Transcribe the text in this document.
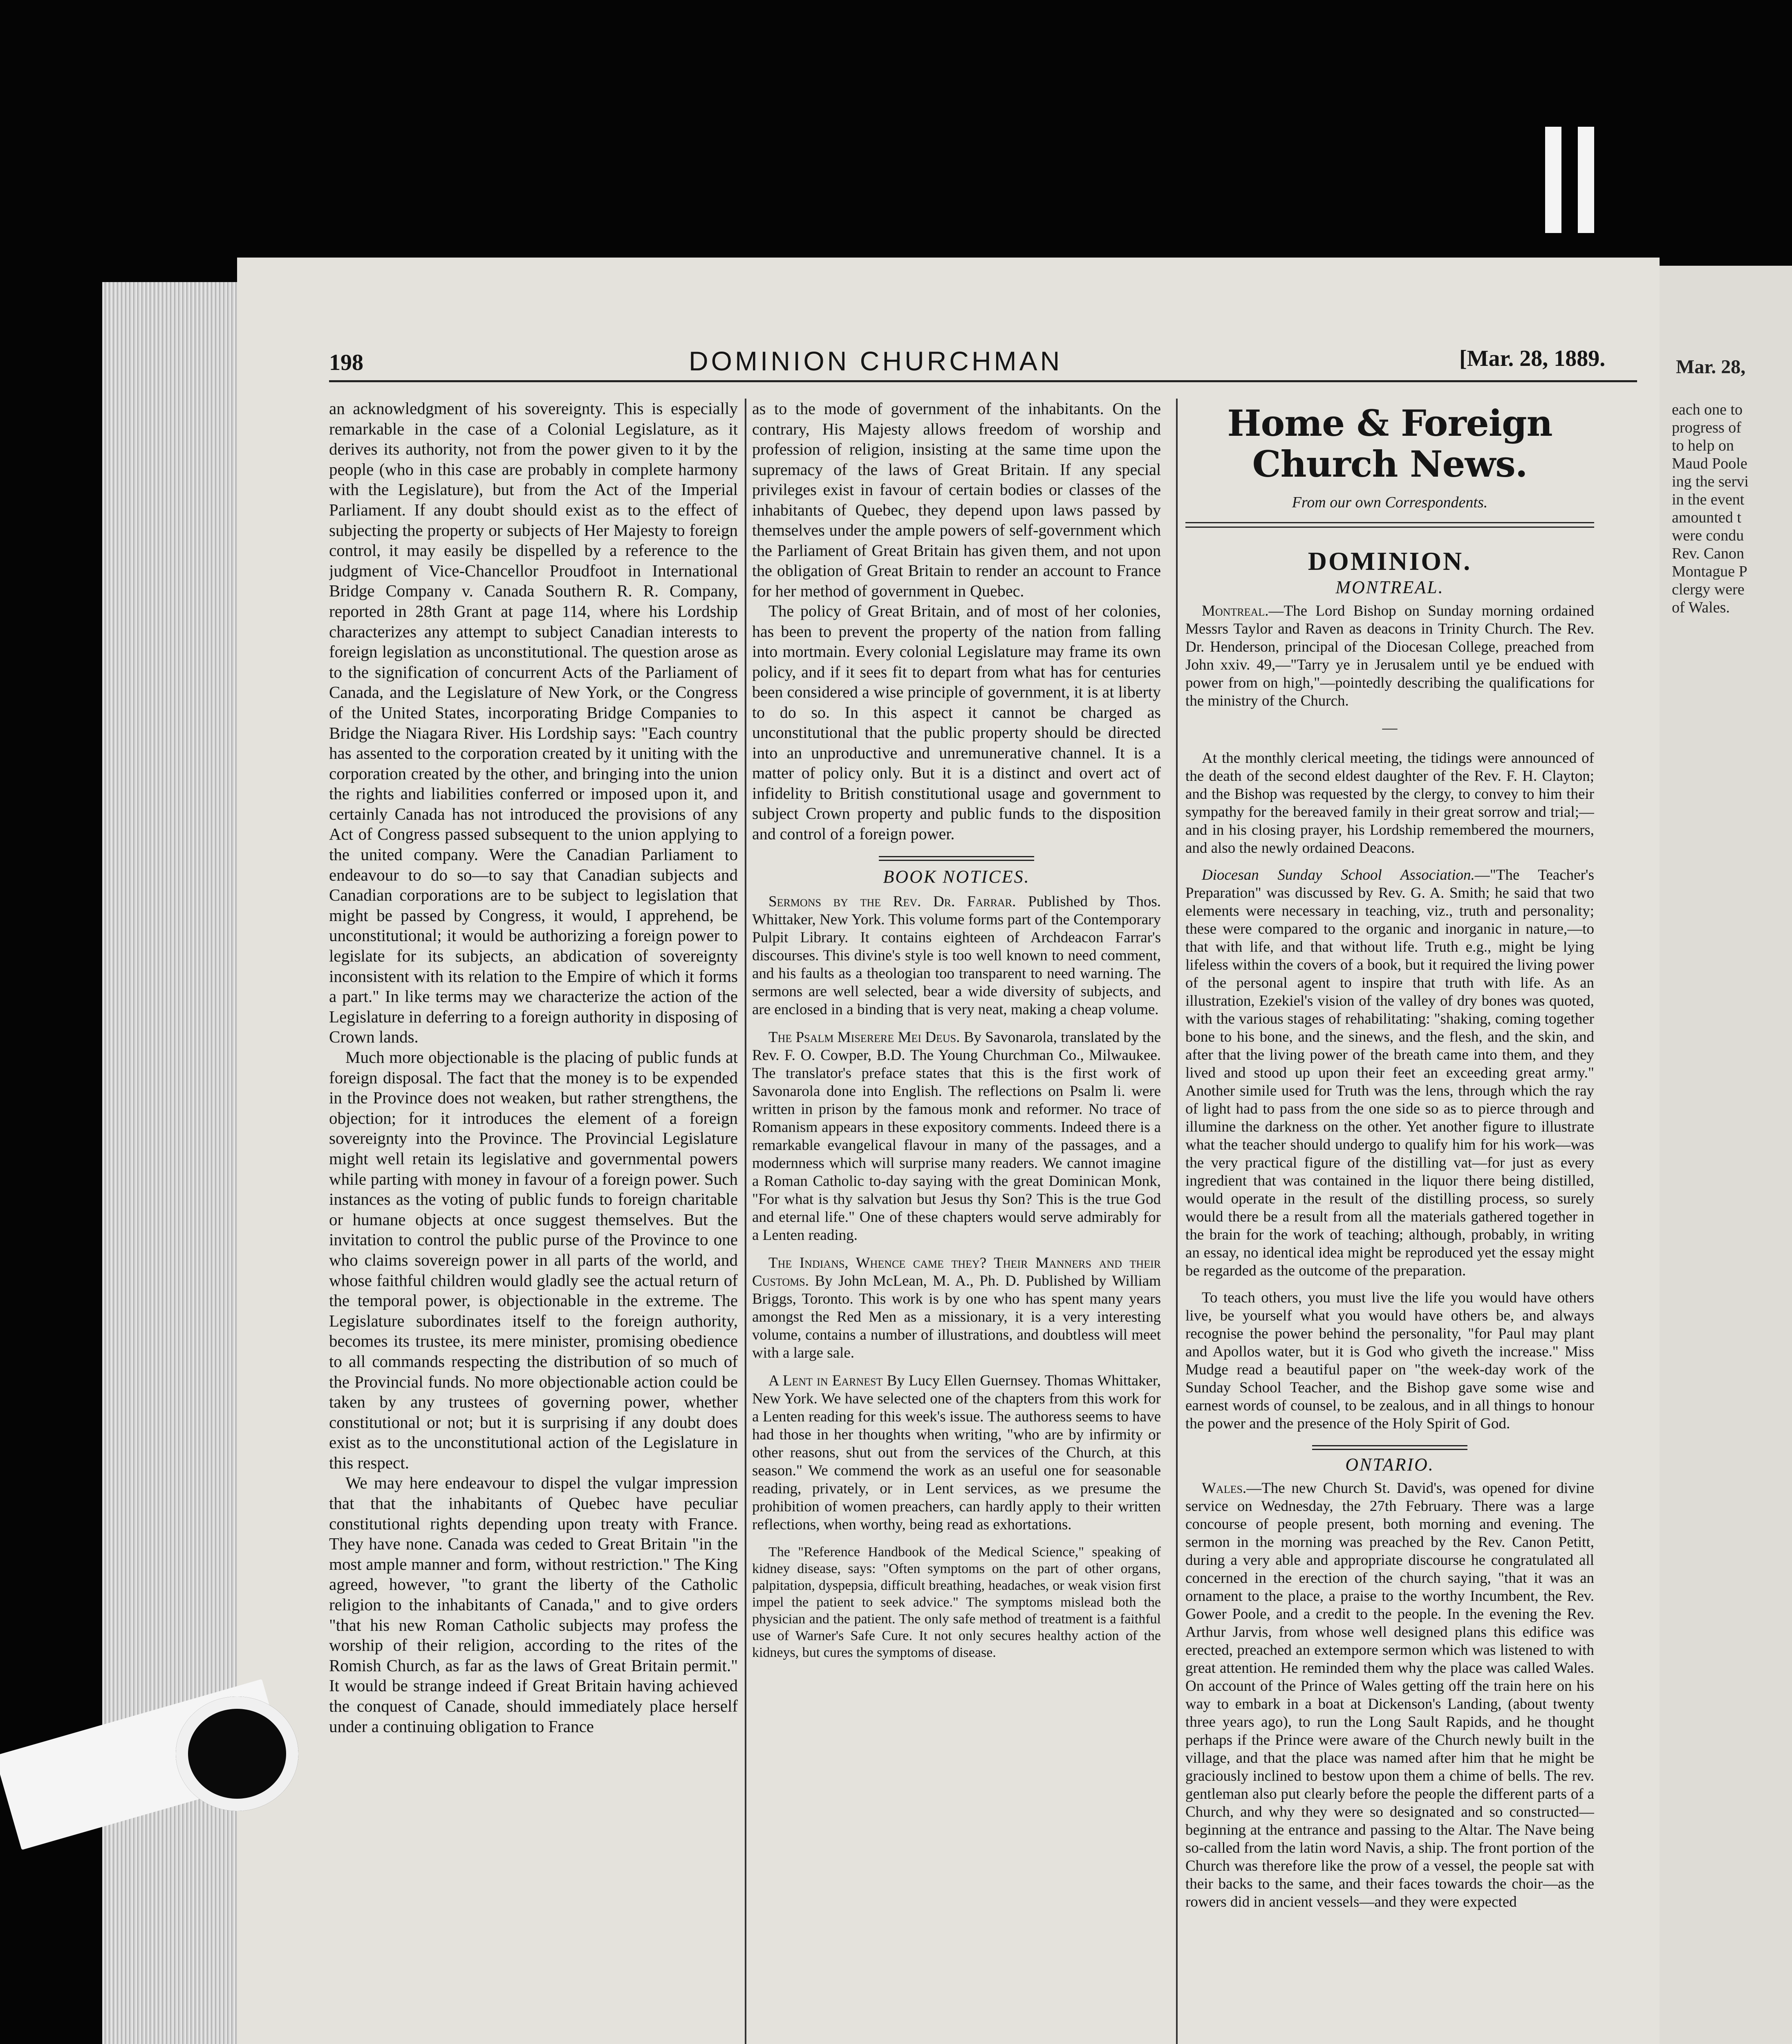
Mar. 28,
each one to
progress of
to help on
Maud Poole
ing the servi
in the event
amounted t
were condu
Rev. Canon
Montague P
clergy were
of Wales.
198	DOMINION CHURCHMAN	[Mar. 28, 1889.

an acknowledgment of his sovereignty. This is especially remarkable in the case of a Colonial Legislature, as it derives its authority, not from the power given to it by the people (who in this case are probably in complete harmony with the Legislature), but from the Act of the Imperial Parliament. If any doubt should exist as to the effect of subjecting the property or subjects of Her Majesty to foreign control, it may easily be dispelled by a reference to the judgment of Vice-Chancellor Proudfoot in International Bridge Company v. Canada Southern R. R. Company, reported in 28th Grant at page 114, where his Lordship characterizes any attempt to subject Canadian interests to foreign legislation as unconstitutional. The question arose as to the signification of concurrent Acts of the Parliament of Canada, and the Legislature of New York, or the Congress of the United States, incorporating Bridge Companies to Bridge the Niagara River. His Lordship says: "Each country has assented to the corporation created by it uniting with the corporation created by the other, and bringing into the union the rights and liabilities conferred or imposed upon it, and certainly Canada has not introduced the provisions of any Act of Congress passed subsequent to the union applying to the united company. Were the Canadian Parliament to endeavour to do so—to say that Canadian subjects and Canadian corporations are to be subject to legislation that might be passed by Congress, it would, I apprehend, be unconstitutional; it would be authorizing a foreign power to legislate for its subjects, an abdication of sovereignty inconsistent with its relation to the Empire of which it forms a part." In like terms may we characterize the action of the Legislature in deferring to a foreign authority in disposing of Crown lands.

Much more objectionable is the placing of public funds at foreign disposal. The fact that the money is to be expended in the Province does not weaken, but rather strengthens, the objection; for it introduces the element of a foreign sovereignty into the Province. The Provincial Legislature might well retain its legislative and governmental powers while parting with money in favour of a foreign power. Such instances as the voting of public funds to foreign charitable or humane objects at once suggest themselves. But the invitation to control the public purse of the Province to one who claims sovereign power in all parts of the world, and whose faithful children would gladly see the actual return of the temporal power, is objectionable in the extreme. The Legislature subordinates itself to the foreign authority, becomes its trustee, its mere minister, promising obedience to all commands respecting the distribution of so much of the Provincial funds. No more objectionable action could be taken by any trustees of governing power, whether constitutional or not; but it is surprising if any doubt does exist as to the unconstitutional action of the Legislature in this respect.

We may here endeavour to dispel the vulgar impression that that the inhabitants of Quebec have peculiar constitutional rights depending upon treaty with France. They have none. Canada was ceded to Great Britain "in the most ample manner and form, without restriction." The King agreed, however, "to grant the liberty of the Catholic religion to the inhabitants of Canada," and to give orders "that his new Roman Catholic subjects may profess the worship of their religion, according to the rites of the Romish Church, as far as the laws of Great Britain permit." It would be strange indeed if Great Britain having achieved the conquest of Canade, should immediately place herself under a continuing obligation to France

as to the mode of government of the inhabitants. On the contrary, His Majesty allows freedom of worship and profession of religion, insisting at the same time upon the supremacy of the laws of Great Britain. If any special privileges exist in favour of certain bodies or classes of the inhabitants of Quebec, they depend upon laws passed by themselves under the ample powers of self-government which the Parliament of Great Britain has given them, and not upon the obligation of Great Britain to render an account to France for her method of government in Quebec.

The policy of Great Britain, and of most of her colonies, has been to prevent the property of the nation from falling into mortmain. Every colonial Legislature may frame its own policy, and if it sees fit to depart from what has for centuries been considered a wise principle of government, it is at liberty to do so. In this aspect it cannot be charged as unconstitutional that the public property should be directed into an unproductive and unremunerative channel. It is a matter of policy only. But it is a distinct and overt act of infidelity to British constitutional usage and government to subject Crown property and public funds to the disposition and control of a foreign power.

BOOK NOTICES.

Sermons by the Rev. Dr. Farrar. Published by Thos. Whittaker, New York. This volume forms part of the Contemporary Pulpit Library. It contains eighteen of Archdeacon Farrar's discourses. This divine's style is too well known to need comment, and his faults as a theologian too transparent to need warning. The sermons are well selected, bear a wide diversity of subjects, and are enclosed in a binding that is very neat, making a cheap volume.

The Psalm Miserere Mei Deus. By Savonarola, translated by the Rev. F. O. Cowper, B.D. The Young Churchman Co., Milwaukee. The translator's preface states that this is the first work of Savonarola done into English. The reflections on Psalm li. were written in prison by the famous monk and reformer. No trace of Romanism appears in these expository comments. Indeed there is a remarkable evangelical flavour in many of the passages, and a modernness which will surprise many readers. We cannot imagine a Roman Catholic to-day saying with the great Dominican Monk, "For what is thy salvation but Jesus thy Son? This is the true God and eternal life." One of these chapters would serve admirably for a Lenten reading.

The Indians, Whence came they? Their Manners and their Customs. By John McLean, M. A., Ph. D. Published by William Briggs, Toronto. This work is by one who has spent many years amongst the Red Men as a missionary, it is a very interesting volume, contains a number of illustrations, and doubtless will meet with a large sale.

A Lent in Earnest By Lucy Ellen Guernsey. Thomas Whittaker, New York. We have selected one of the chapters from this work for a Lenten reading for this week's issue. The authoress seems to have had those in her thoughts when writing, "who are by infirmity or other reasons, shut out from the services of the Church, at this season." We commend the work as an useful one for seasonable reading, privately, or in Lent services, as we presume the prohibition of women preachers, can hardly apply to their written reflections, when worthy, being read as exhortations.

The "Reference Handbook of the Medical Science," speaking of kidney disease, says: "Often symptoms on the part of other organs, palpitation, dyspepsia, difficult breathing, headaches, or weak vision first impel the patient to seek advice." The symptoms mislead both the physician and the patient. The only safe method of treatment is a faithful use of Warner's Safe Cure. It not only secures healthy action of the kidneys, but cures the symptoms of disease.

Home & Foreign Church News.

From our own Correspondents.

DOMINION.

MONTREAL.

Montreal.—The Lord Bishop on Sunday morning ordained Messrs Taylor and Raven as deacons in Trinity Church. The Rev. Dr. Henderson, principal of the Diocesan College, preached from John xxiv. 49,—"Tarry ye in Jerusalem until ye be endued with power from on high,"—pointedly describing the qualifications for the ministry of the Church.

—

At the monthly clerical meeting, the tidings were announced of the death of the second eldest daughter of the Rev. F. H. Clayton; and the Bishop was requested by the clergy, to convey to him their sympathy for the bereaved family in their great sorrow and trial;—and in his closing prayer, his Lordship remembered the mourners, and also the newly ordained Deacons.

Diocesan Sunday School Association.—"The Teacher's Preparation" was discussed by Rev. G. A. Smith; he said that two elements were necessary in teaching, viz., truth and personality; these were compared to the organic and inorganic in nature,—to that with life, and that without life. Truth e.g., might be lying lifeless within the covers of a book, but it required the living power of the personal agent to inspire that truth with life. As an illustration, Ezekiel's vision of the valley of dry bones was quoted, with the various stages of rehabilitating: "shaking, coming together bone to his bone, and the sinews, and the flesh, and the skin, and after that the living power of the breath came into them, and they lived and stood up upon their feet an exceeding great army." Another simile used for Truth was the lens, through which the ray of light had to pass from the one side so as to pierce through and illumine the darkness on the other. Yet another figure to illustrate what the teacher should undergo to qualify him for his work—was the very practical figure of the distilling vat—for just as every ingredient that was contained in the liquor there being distilled, would operate in the result of the distilling process, so surely would there be a result from all the materials gathered together in the brain for the work of teaching; although, probably, in writing an essay, no identical idea might be reproduced yet the essay might be regarded as the outcome of the preparation.

To teach others, you must live the life you would have others live, be yourself what you would have others be, and always recognise the power behind the personality, "for Paul may plant and Apollos water, but it is God who giveth the increase." Miss Mudge read a beautiful paper on "the week-day work of the Sunday School Teacher, and the Bishop gave some wise and earnest words of counsel, to be zealous, and in all things to honour the power and the presence of the Holy Spirit of God.

ONTARIO.

Wales.—The new Church St. David's, was opened for divine service on Wednesday, the 27th February. There was a large concourse of people present, both morning and evening. The sermon in the morning was preached by the Rev. Canon Petitt, during a very able and appropriate discourse he congratulated all concerned in the erection of the church saying, "that it was an ornament to the place, a praise to the worthy Incumbent, the Rev. Gower Poole, and a credit to the people. In the evening the Rev. Arthur Jarvis, from whose well designed plans this edifice was erected, preached an extempore sermon which was listened to with great attention. He reminded them why the place was called Wales. On account of the Prince of Wales getting off the train here on his way to embark in a boat at Dickenson's Landing, (about twenty three years ago), to run the Long Sault Rapids, and he thought perhaps if the Prince were aware of the Church newly built in the village, and that the place was named after him that he might be graciously inclined to bestow upon them a chime of bells. The rev. gentleman also put clearly before the people the different parts of a Church, and why they were so designated and so constructed—beginning at the entrance and passing to the Altar. The Nave being so-called from the latin word Navis, a ship. The front portion of the Church was therefore like the prow of a vessel, the people sat with their backs to the same, and their faces towards the choir—as the rowers did in ancient vessels—and they were expected
